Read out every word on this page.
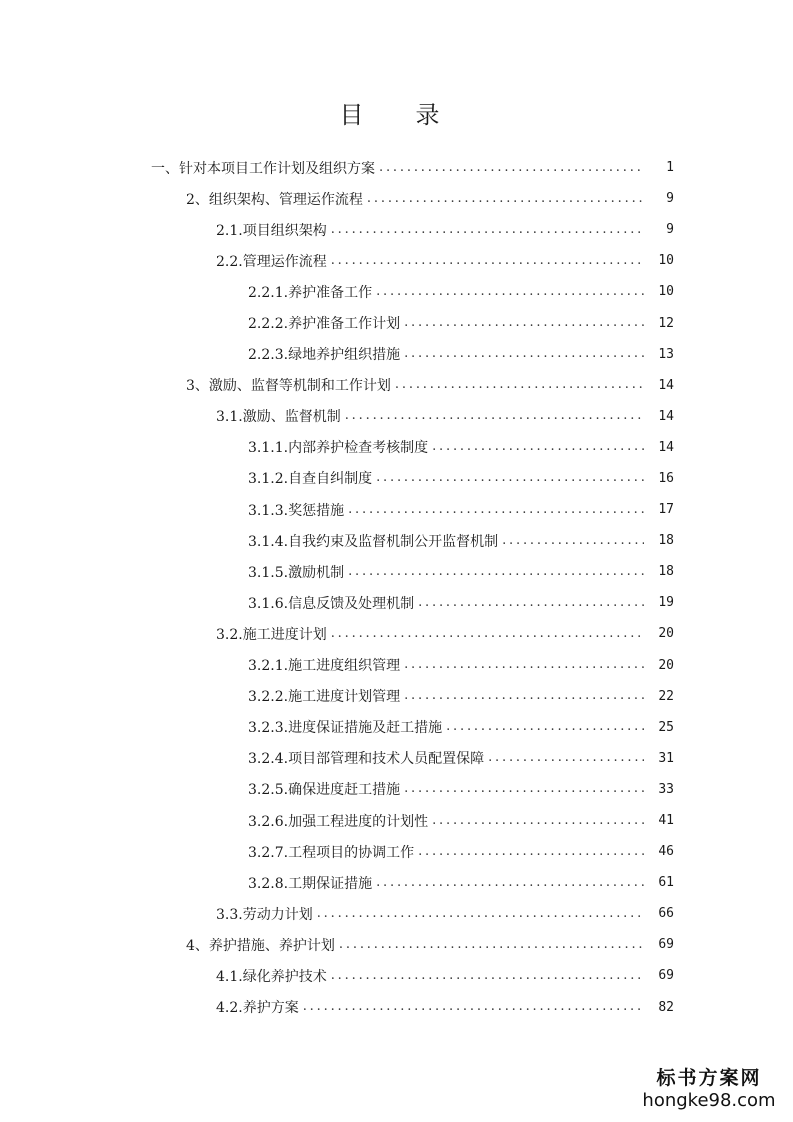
目　录
一、针对本项目工作计划及组织方案 . . .	1
2、组织架构、管理运作流程 . . .	9
2.1.项目组织架构 . . .	9
2.2.管理运作流程 . . .	10
2.2.1.养护准备工作 . . .	10
2.2.2.养护准备工作计划 . . .	12
2.2.3.绿地养护组织措施 . . .	13
3、激励、监督等机制和工作计划 . . .	14
3.1.激励、监督机制 . . .	14
3.1.1.内部养护检查考核制度 . . .	14
3.1.2.自查自纠制度 . . .	16
3.1.3.奖惩措施 . . .	17
3.1.4.自我约束及监督机制公开监督机制 . . .	18
3.1.5.激励机制 . . .	18
3.1.6.信息反馈及处理机制 . . .	19
3.2.施工进度计划 . . .	20
3.2.1.施工进度组织管理 . . .	20
3.2.2.施工进度计划管理 . . .	22
3.2.3.进度保证措施及赶工措施 . . .	25
3.2.4.项目部管理和技术人员配置保障 . . .	31
3.2.5.确保进度赶工措施 . . .	33
3.2.6.加强工程进度的计划性 . . .	41
3.2.7.工程项目的协调工作 . . .	46
3.2.8.工期保证措施 . . .	61
3.3.劳动力计划 . . .	66
4、养护措施、养护计划 . . .	69
4.1.绿化养护技术 . . .	69
4.2.养护方案 . . .	82
标书方案网
hongke98.com
